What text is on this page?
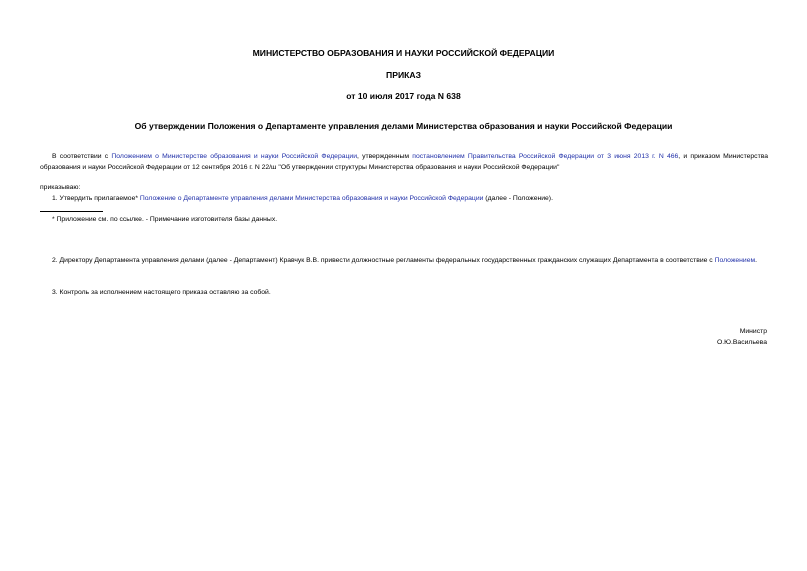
МИНИСТЕРСТВО ОБРАЗОВАНИЯ И НАУКИ РОССИЙСКОЙ ФЕДЕРАЦИИ
ПРИКАЗ
от 10 июля 2017 года N 638
Об утверждении Положения о Департаменте управления делами Министерства образования и науки Российской Федерации
В соответствии с Положением о Министерстве образования и науки Российской Федерации, утвержденным постановлением Правительства Российской Федерации от 3 июня 2013 г. N 466, и приказом Министерства образования и науки Российской Федерации от 12 сентября 2016 г. N 22/ш "Об утверждении структуры Министерства образования и науки Российской Федерации"
приказываю:
1. Утвердить прилагаемое* Положение о Департаменте управления делами Министерства образования и науки Российской Федерации (далее - Положение).
* Приложение см. по ссылке. - Примечание изготовителя базы данных.
2. Директору Департамента управления делами (далее - Департамент) Кравчук В.В. привести должностные регламенты федеральных государственных гражданских служащих Департамента в соответствие с Положением.
3. Контроль за исполнением настоящего приказа оставляю за собой.
Министр
О.Ю.Васильева
